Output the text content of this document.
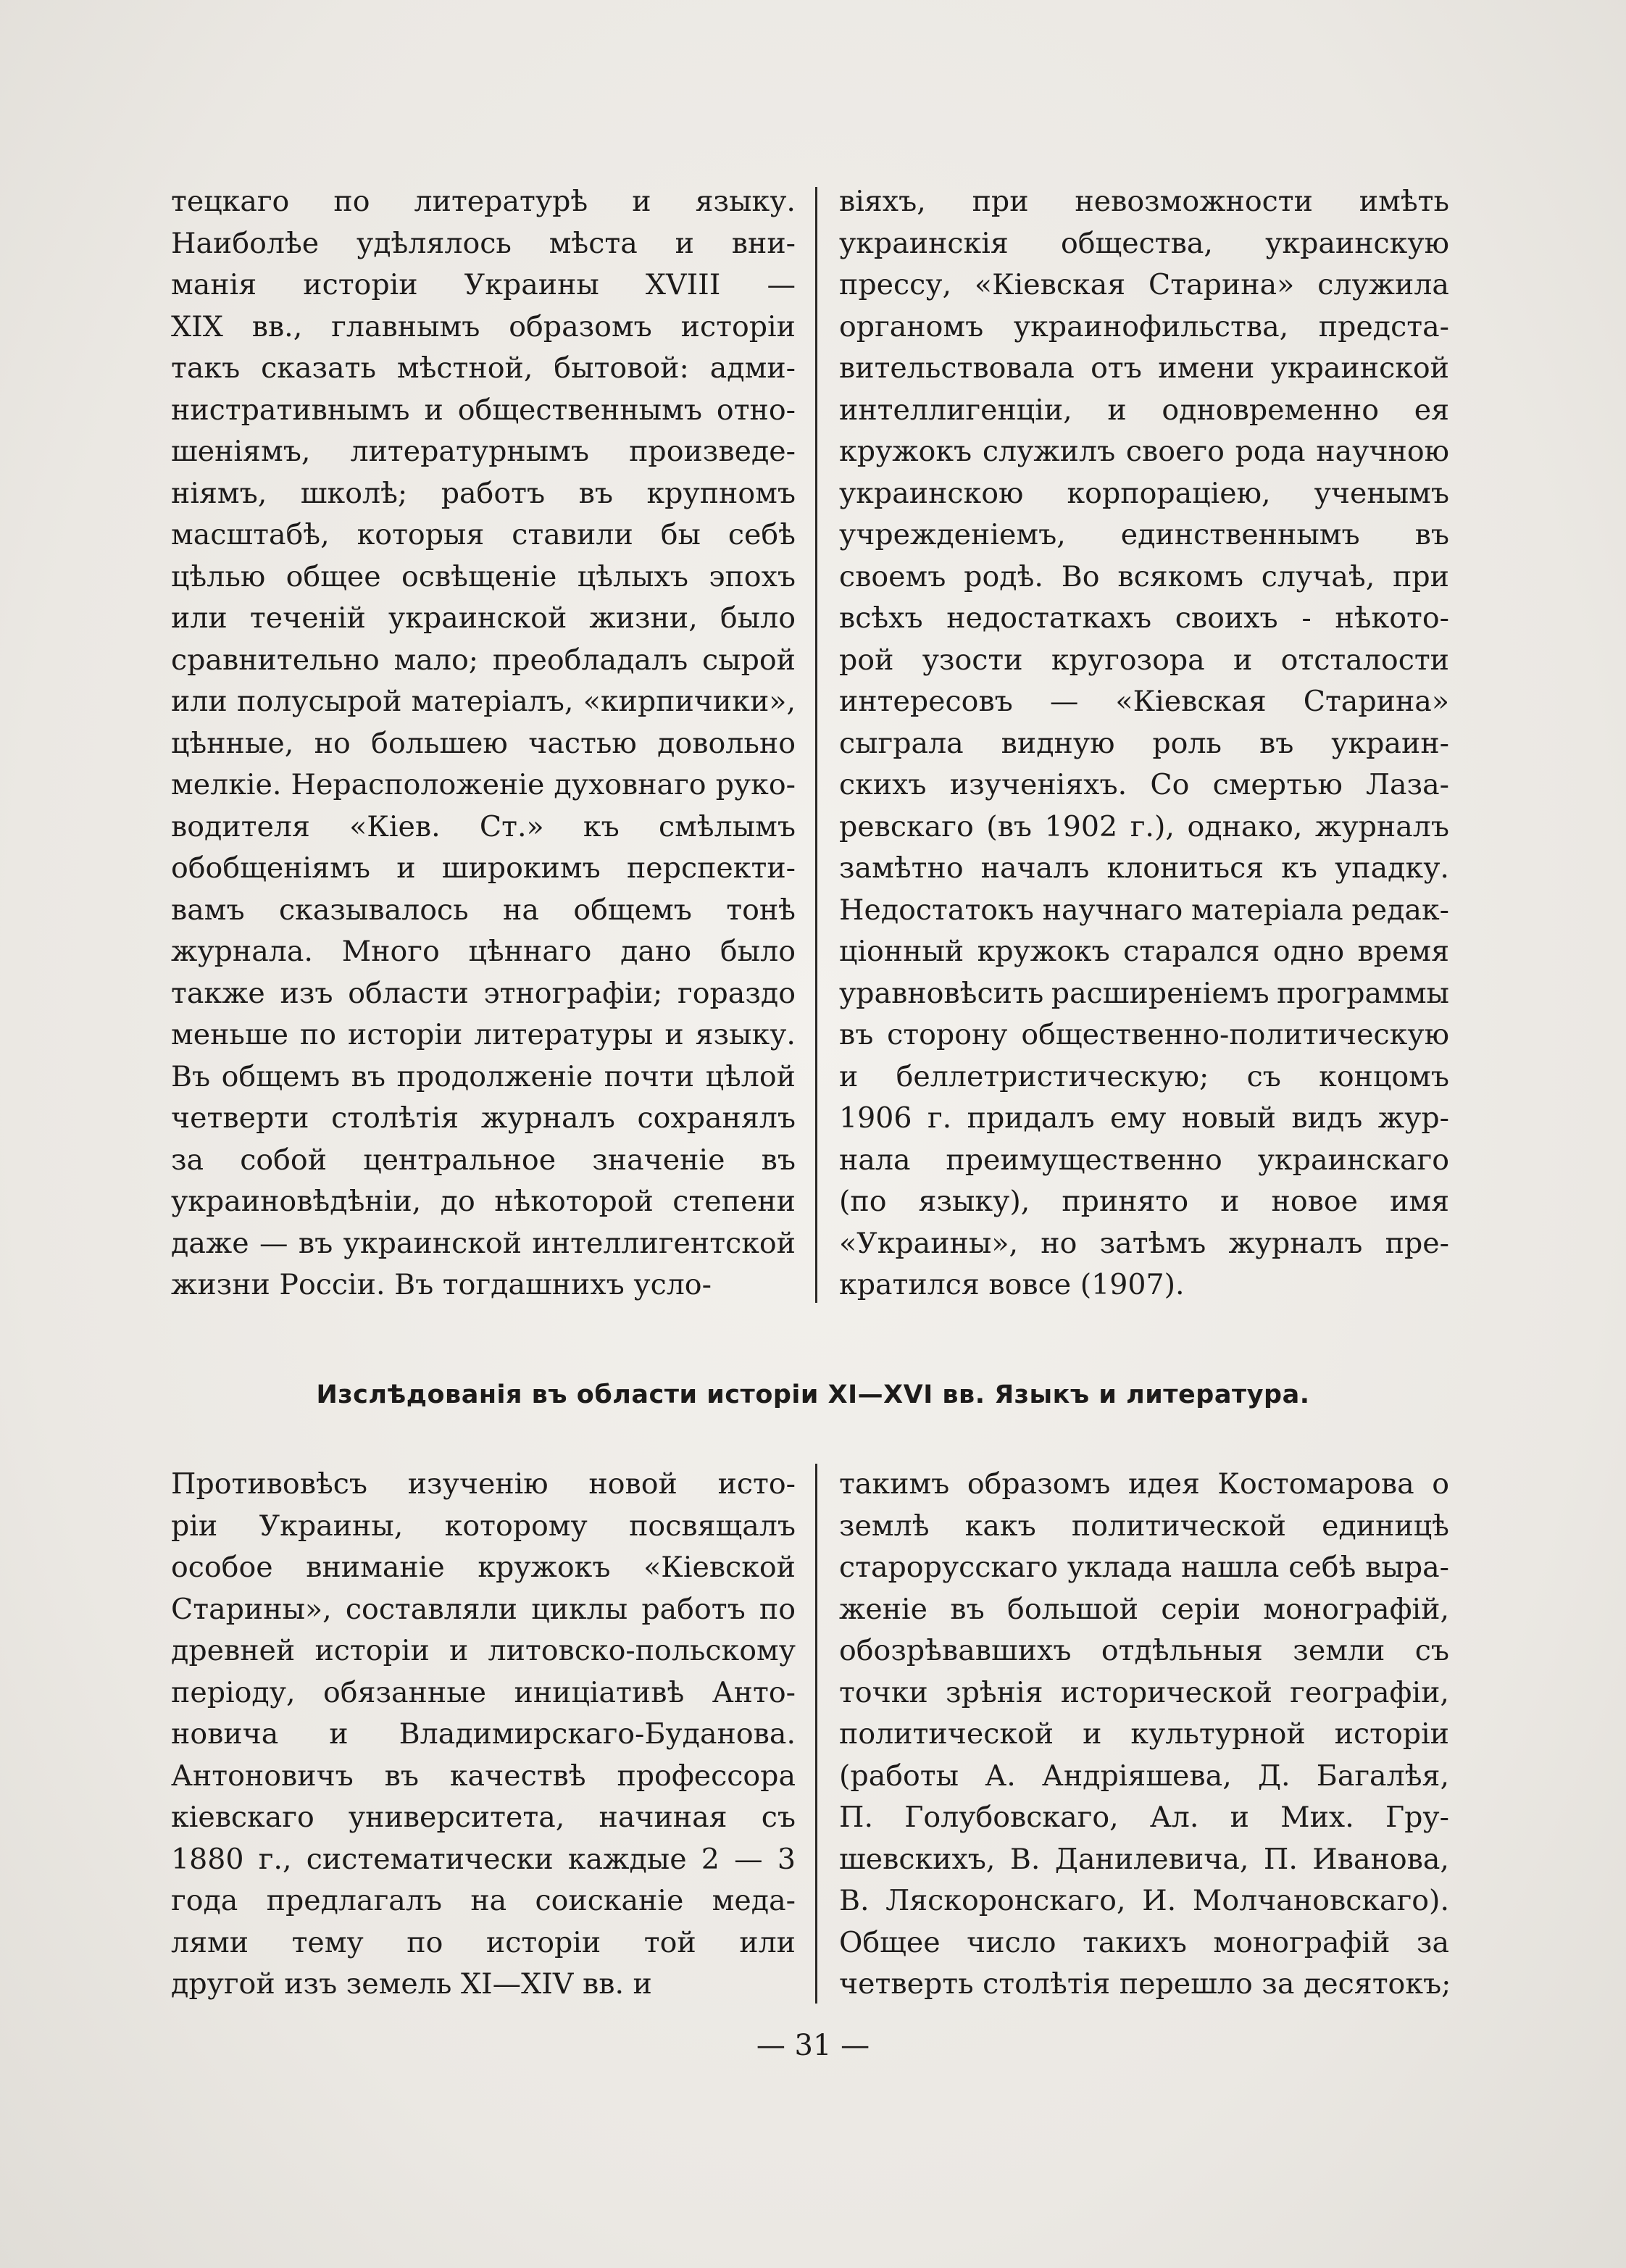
тецкаго по литературѣ и языку.
Наиболѣе удѣлялось мѣста и вни-
манія исторіи Украины XVIII —
XIX вв., главнымъ образомъ исторіи
такъ сказать мѣстной, бытовой: адми-
нистративнымъ и общественнымъ отно-
шеніямъ, литературнымъ произведе-
ніямъ, школѣ; работъ въ крупномъ
масштабѣ, которыя ставили бы себѣ
цѣлью общее освѣщеніе цѣлыхъ эпохъ
или теченій украинской жизни, было
сравнительно мало; преобладалъ сырой
или полусырой матеріалъ, «кирпичики»,
цѣнные, но большею частью довольно
мелкіе. Нерасположеніе духовнаго руко-
водителя «Кіев. Ст.» къ смѣлымъ
обобщеніямъ и широкимъ перспекти-
вамъ сказывалось на общемъ тонѣ
журнала. Много цѣннаго дано было
также изъ области этнографіи; гораздо
меньше по исторіи литературы и языку.
Въ общемъ въ продолженіе почти цѣлой
четверти столѣтія журналъ сохранялъ
за собой центральное значеніе въ
украиновѣдѣніи, до нѣкоторой степени
даже — въ украинской интеллигентской
жизни Россіи. Въ тогдашнихъ усло-
віяхъ, при невозможности имѣть
украинскія общества, украинскую
прессу, «Кіевская Старина» служила
органомъ украинофильства, предста-
вительствовала отъ имени украинской
интеллигенціи, и одновременно ея
кружокъ служилъ своего рода научною
украинскою корпораціею, ученымъ
учрежденіемъ, единственнымъ въ
своемъ родѣ. Во всякомъ случаѣ, при
всѣхъ недостаткахъ своихъ - нѣкото-
рой узости кругозора и отсталости
интересовъ — «Кіевская Старина»
сыграла видную роль въ украин-
скихъ изученіяхъ. Со смертью Лаза-
ревскаго (въ 1902 г.), однако, журналъ
замѣтно началъ клониться къ упадку.
Недостатокъ научнаго матеріала редак-
ціонный кружокъ старался одно время
уравновѣсить расширеніемъ программы
въ сторону общественно-политическую
и беллетристическую; съ концомъ
1906 г. придалъ ему новый видъ жур-
нала преимущественно украинскаго
(по языку), принято и новое имя
«Украины», но затѣмъ журналъ пре-
кратился вовсе (1907).
Изслѣдованія въ области исторіи XI—XVI вв. Языкъ и литература.
Противовѣсъ изученію новой исто-
ріи Украины, которому посвящалъ
особое вниманіе кружокъ «Кіевской
Старины», составляли циклы работъ по
древней исторіи и литовско-польскому
періоду, обязанные иниціативѣ Анто-
новича и Владимирскаго-Буданова.
Антоновичъ въ качествѣ профессора
кіевскаго университета, начиная съ
1880 г., систематически каждые 2 — 3
года предлагалъ на соисканіе меда-
лями тему по исторіи той или
другой изъ земель XI—XIV вв. и
такимъ образомъ идея Костомарова о
землѣ какъ политической единицѣ
старорусскаго уклада нашла себѣ выра-
женіе въ большой серіи монографій,
обозрѣвавшихъ отдѣльныя земли съ
точки зрѣнія исторической географіи,
политической и культурной исторіи
(работы А. Андріяшева, Д. Багалѣя,
П. Голубовскаго, Ал. и Мих. Гру-
шевскихъ, В. Данилевича, П. Иванова,
В. Ляскоронскаго, И. Молчановскаго).
Общее число такихъ монографій за
четверть столѣтія перешло за десятокъ;
— 31 —
